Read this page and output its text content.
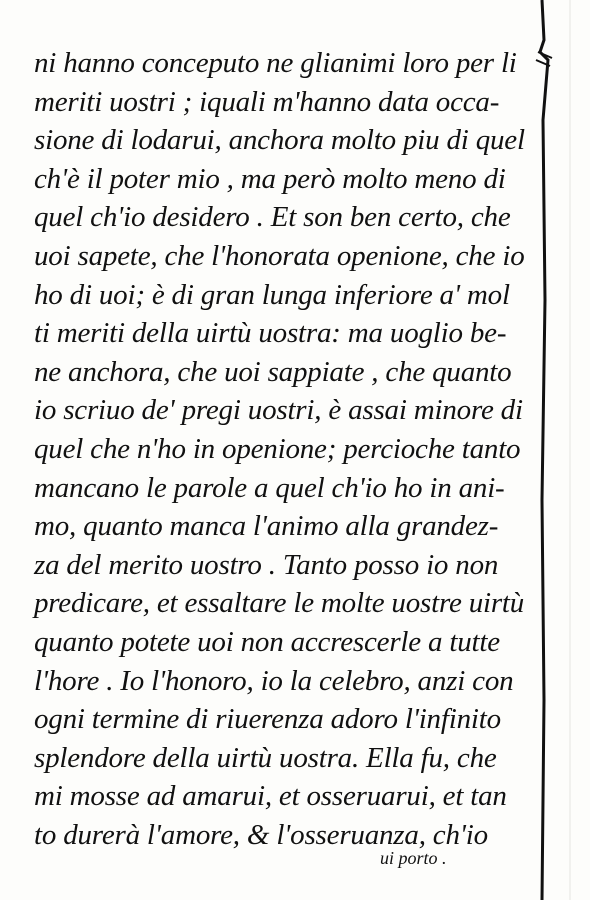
ni hanno conceputo ne glianimi loro per li
meriti uostri ; iquali m'hanno data occa-
sione di lodarui, anchora molto piu di quel
ch'è il poter mio , ma però molto meno di
quel ch'io desidero . Et son ben certo, che
uoi sapete, che l'honorata openione, che io
ho di uoi; è di gran lunga inferiore a' mol
ti meriti della uirtù uostra: ma uoglio be-
ne anchora, che uoi sappiate , che quanto
io scriuo de' pregi uostri, è assai minore di
quel che n'ho in openione; percioche tanto
mancano le parole a quel ch'io ho in ani-
mo, quanto manca l'animo alla grandez-
za del merito uostro . Tanto posso io non
predicare, et essaltare le molte uostre uirtù
quanto potete uoi non accrescerle a tutte
l'hore . Io l'honoro, io la celebro, anzi con
ogni termine di riuerenza adoro l'infinito
splendore della uirtù uostra. Ella fu, che
mi mosse ad amarui, et osseruarui, et tan
to durerà l'amore, & l'osseruanza, ch'io
ui porto .
